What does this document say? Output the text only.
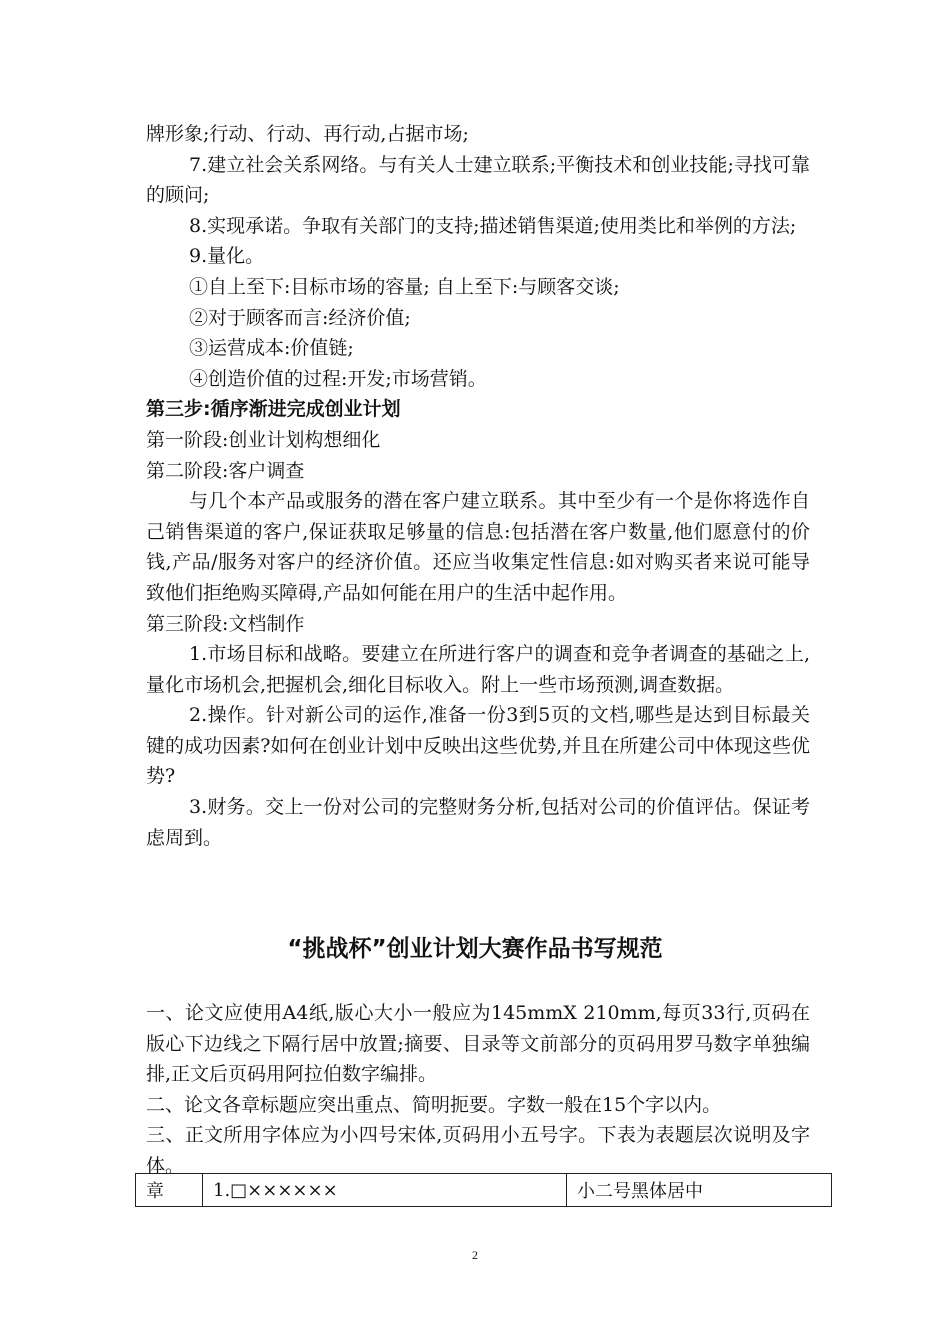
牌形象;行动、行动、再行动,占据市场;

7.建立社会关系网络。与有关人士建立联系;平衡技术和创业技能;寻找可靠的顾问;

8.实现承诺。争取有关部门的支持;描述销售渠道;使用类比和举例的方法;

9.量化。

①自上至下:目标市场的容量; 自上至下:与顾客交谈;

②对于顾客而言:经济价值;

③运营成本:价值链;

④创造价值的过程:开发;市场营销。

第三步:循序渐进完成创业计划

第一阶段:创业计划构想细化

第二阶段:客户调查

与几个本产品或服务的潜在客户建立联系。其中至少有一个是你将选作自己销售渠道的客户,保证获取足够量的信息:包括潜在客户数量,他们愿意付的价钱,产品/服务对客户的经济价值。还应当收集定性信息:如对购买者来说可能导致他们拒绝购买障碍,产品如何能在用户的生活中起作用。

第三阶段:文档制作

1.市场目标和战略。要建立在所进行客户的调查和竞争者调查的基础之上,量化市场机会,把握机会,细化目标收入。附上一些市场预测,调查数据。

2.操作。针对新公司的运作,准备一份3到5页的文档,哪些是达到目标最关键的成功因素?如何在创业计划中反映出这些优势,并且在所建公司中体现这些优势?

3.财务。交上一份对公司的完整财务分析,包括对公司的价值评估。保证考虑周到。

“挑战杯”创业计划大赛作品书写规范

一、论文应使用A4纸,版心大小一般应为145mmX 210mm,每页33行,页码在版心下边线之下隔行居中放置;摘要、目录等文前部分的页码用罗马数字单独编排,正文后页码用阿拉伯数字编排。

二、论文各章标题应突出重点、简明扼要。字数一般在15个字以内。

三、正文所用字体应为小四号宋体,页码用小五号字。下表为表题层次说明及字体。

章	1.□××××××	小二号黑体居中
2
